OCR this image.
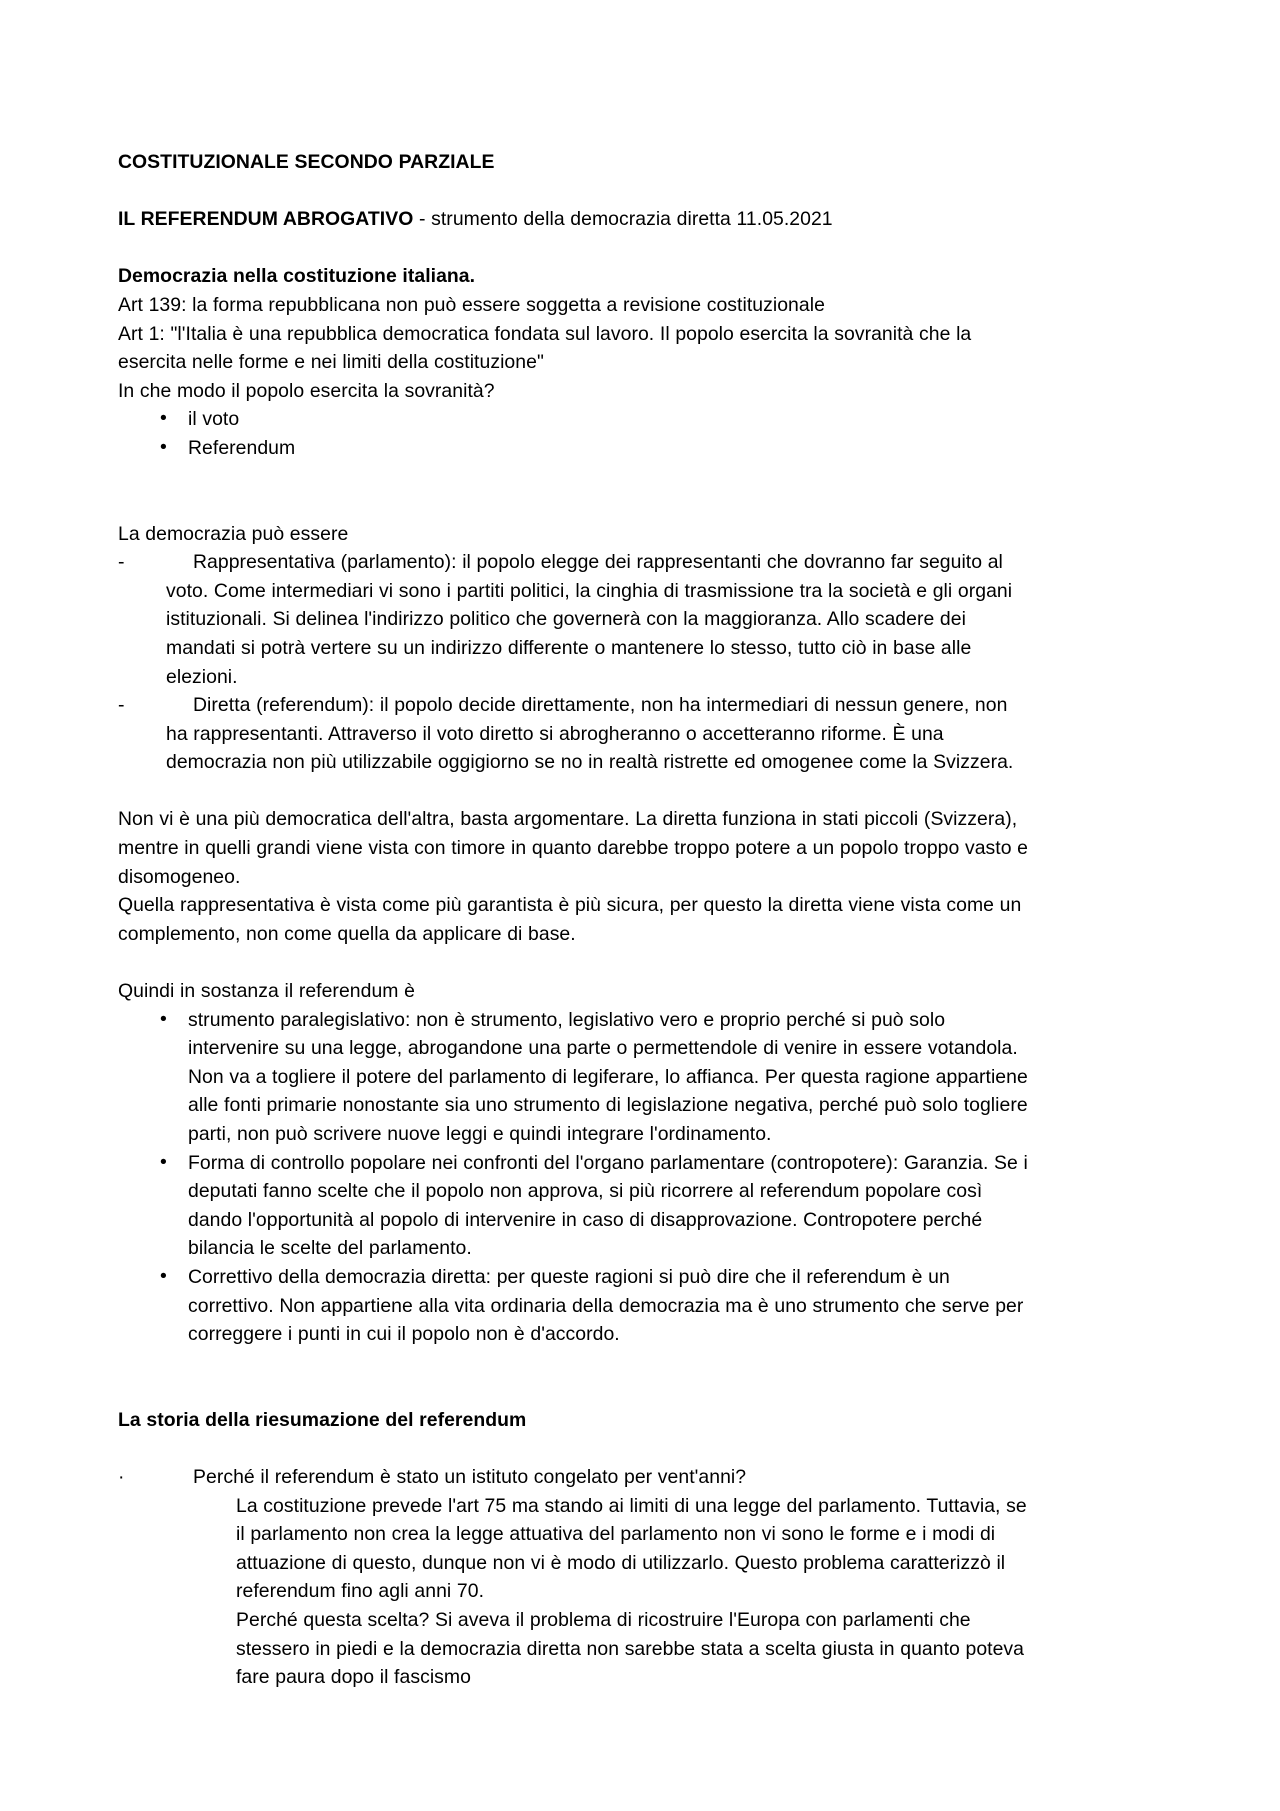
COSTITUZIONALE SECONDO PARZIALE

IL REFERENDUM ABROGATIVO - strumento della democrazia diretta 11.05.2021

Democrazia nella costituzione italiana.

Art 139: la forma repubblicana non può essere soggetta a revisione costituzionale

Art 1: "l'Italia è una repubblica democratica fondata sul lavoro. Il popolo esercita la sovranità che la esercita nelle forme e nei limiti della costituzione"

In che modo il popolo esercita la sovranità?

• il voto
• Referendum

La democrazia può essere

-	Rappresentativa (parlamento): il popolo elegge dei rappresentanti che dovranno far seguito al voto. Come intermediari vi sono i partiti politici, la cinghia di trasmissione tra la società e gli organi istituzionali. Si delinea l'indirizzo politico che governerà con la maggioranza. Allo scadere dei mandati si potrà vertere su un indirizzo differente o mantenere lo stesso, tutto ciò in base alle elezioni.

-	Diretta (referendum): il popolo decide direttamente, non ha intermediari di nessun genere, non ha rappresentanti. Attraverso il voto diretto si abrogheranno o accetteranno riforme. È una democrazia non più utilizzabile oggigiorno se no in realtà ristrette ed omogenee come la Svizzera.

Non vi è una più democratica dell'altra, basta argomentare. La diretta funziona in stati piccoli (Svizzera), mentre in quelli grandi viene vista con timore in quanto darebbe troppo potere a un popolo troppo vasto e disomogeneo.

Quella rappresentativa è vista come più garantista è più sicura, per questo la diretta viene vista come un complemento, non come quella da applicare di base.

Quindi in sostanza il referendum è

• strumento paralegislativo: non è strumento, legislativo vero e proprio perché si può solo intervenire su una legge, abrogandone una parte o permettendole di venire in essere votandola. Non va a togliere il potere del parlamento di legiferare, lo affianca. Per questa ragione appartiene alle fonti primarie nonostante sia uno strumento di legislazione negativa, perché può solo togliere parti, non può scrivere nuove leggi e quindi integrare l'ordinamento.
• Forma di controllo popolare nei confronti del l'organo parlamentare (contropotere): Garanzia. Se i deputati fanno scelte che il popolo non approva, si più ricorrere al referendum popolare così dando l'opportunità al popolo di intervenire in caso di disapprovazione. Contropotere perché bilancia le scelte del parlamento.
• Correttivo della democrazia diretta: per queste ragioni si può dire che il referendum è un correttivo. Non appartiene alla vita ordinaria della democrazia ma è uno strumento che serve per correggere i punti in cui il popolo non è d'accordo.

La storia della riesumazione del referendum

·	Perché il referendum è stato un istituto congelato per vent'anni?

La costituzione prevede l'art 75 ma stando ai limiti di una legge del parlamento. Tuttavia, se il parlamento non crea la legge attuativa del parlamento non vi sono le forme e i modi di attuazione di questo, dunque non vi è modo di utilizzarlo. Questo problema caratterizzò il referendum fino agli anni 70.

Perché questa scelta? Si aveva il problema di ricostruire l'Europa con parlamenti che stessero in piedi e la democrazia diretta non sarebbe stata a scelta giusta in quanto poteva fare paura dopo il fascismo
